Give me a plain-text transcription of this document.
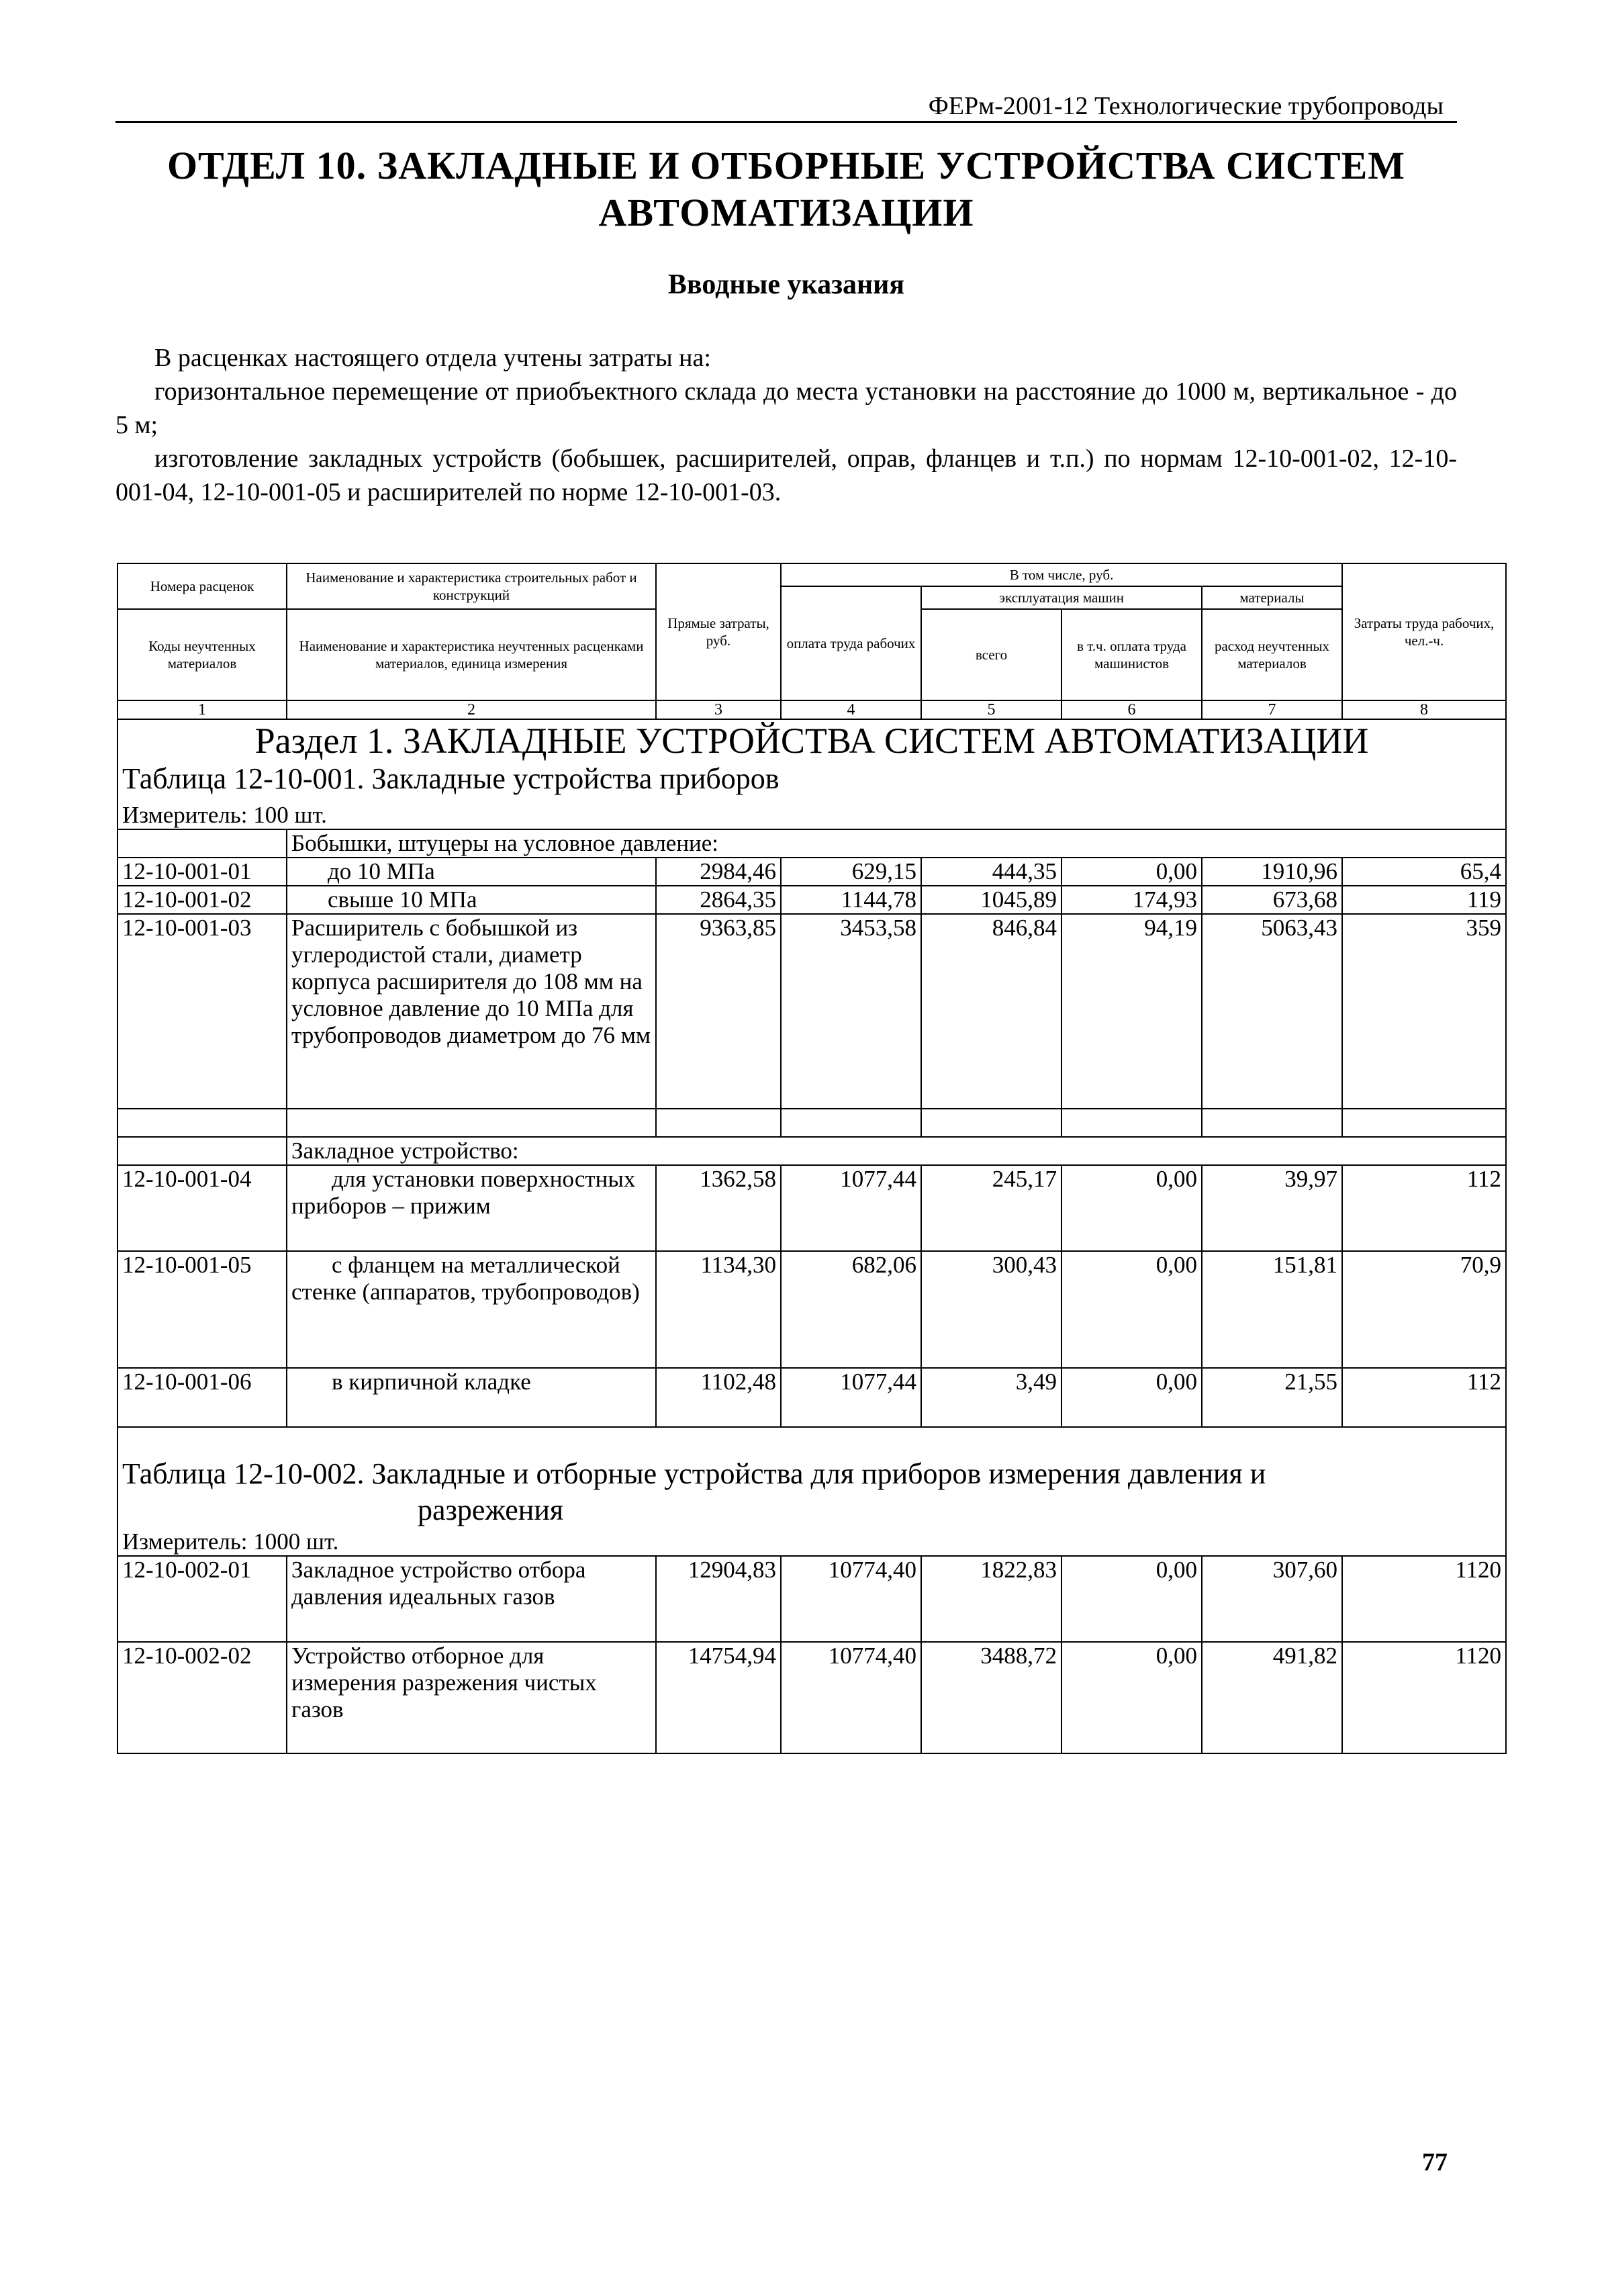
ФЕРм-2001-12 Технологические трубопроводы
ОТДЕЛ 10. ЗАКЛАДНЫЕ И ОТБОРНЫЕ УСТРОЙСТВА СИСТЕМ
АВТОМАТИЗАЦИИ
Вводные указания

В расценках настоящего отдела учтены затраты на:

горизонтальное перемещение от приобъектного склада до места установки на расстояние до 1000 м, вертикальное - до 5 м;

изготовление закладных устройств (бобышек, расширителей, оправ, фланцев и т.п.) по нормам 12-10-001-02, 12-10-001-04, 12-10-001-05 и расширителей по норме 12-10-001-03.

Номера расценок	Наименование и характеристика строительных работ и конструкций	Прямые затраты, руб.	В том числе, руб.				Затраты труда рабочих, чел.-ч.
			оплата труда рабочих	эксплуатация машин		материалы	
Коды неучтенных материалов	Наименование и характеристика неучтенных расценками материалов, единица измерения			всего	в т.ч. оплата труда машинистов	расход неучтенных материалов	

1	2	3	4	5	6	7	8
Раздел 1. ЗАКЛАДНЫЕ УСТРОЙСТВА СИСТЕМ АВТОМАТИЗАЦИИ							
Таблица 12-10-001. Закладные устройства приборов							
Измеритель: 100 шт.							
	Бобышки, штуцеры на условное давление:						
12-10-001-01	до 10 МПа	2984,46	629,15	444,35	0,00	1910,96	65,4
12-10-001-02	свыше 10 МПа	2864,35	1144,78	1045,89	174,93	673,68	119
12-10-001-03	Расширитель с бобышкой из углеродистой стали, диаметр корпуса расширителя до 108 мм на условное давление до 10 МПа для трубопроводов диаметром до 76 мм	9363,85	3453,58	846,84	94,19	5063,43	359

	Закладное устройство:						
12-10-001-04	для установки поверхностных приборов – прижим	1362,58	1077,44	245,17	0,00	39,97	112
12-10-001-05	с фланцем на металлической стенке (аппаратов, трубопроводов)	1134,30	682,06	300,43	0,00	151,81	70,9
12-10-001-06	в кирпичной кладке	1102,48	1077,44	3,49	0,00	21,55	112

Таблица 12-10-002. Закладные и отборные устройства для приборов измерения давления и
разрежения							

Измеритель: 1000 шт.							
12-10-002-01	Закладное устройство отбора давления идеальных газов	12904,83	10774,40	1822,83	0,00	307,60	1120
12-10-002-02	Устройство отборное для измерения разрежения чистых газов	14754,94	10774,40	3488,72	0,00	491,82	1120
77
